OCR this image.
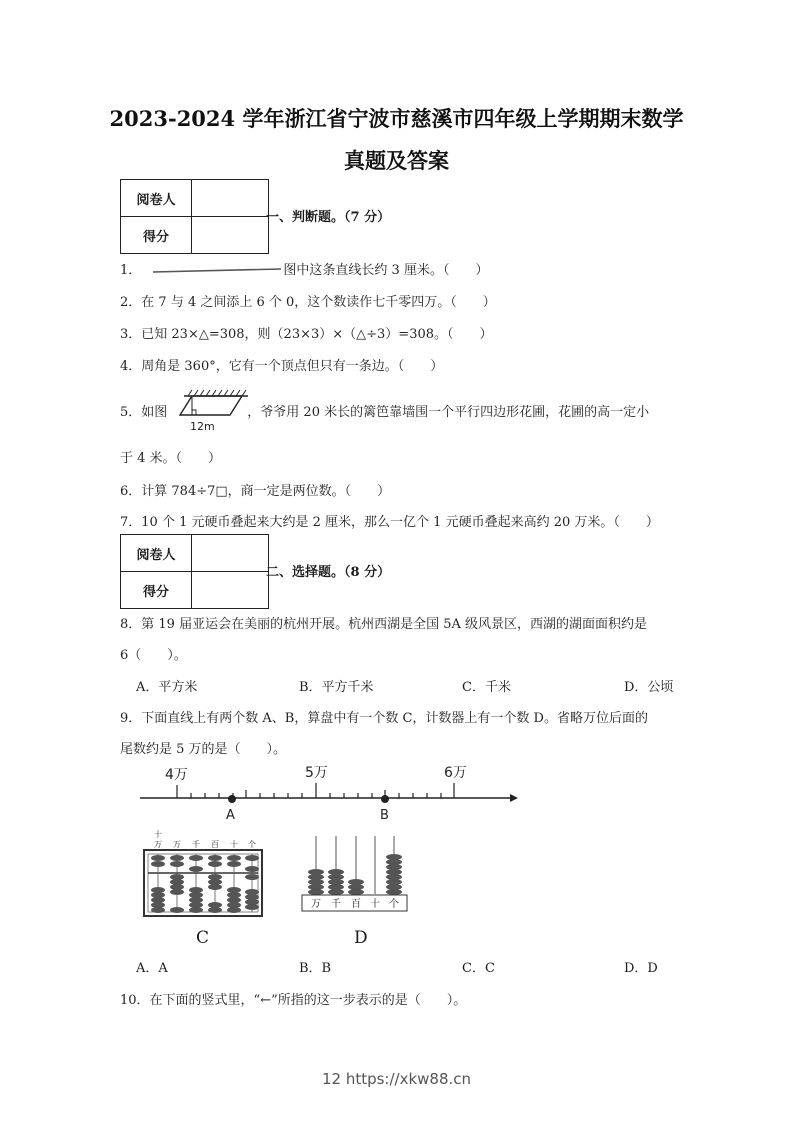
2023-2024 学年浙江省宁波市慈溪市四年级上学期期末数学
真题及答案
阅卷人	
得分	
一、判断题。（7 分）
1．	图中这条直线长约 3 厘米。（　　）
2．在 7 与 4 之间添上 6 个 0，这个数读作七千零四万。（　　）
3．已知 23×△=308，则（23×3）×（△÷3）=308。（　　）
4．周角是 360°，它有一个顶点但只有一条边。（　　）
5．如图	，爷爷用 20 米长的篱笆靠墙围一个平行四边形花圃，花圃的高一定小
12m
于 4 米。（　　）
6．计算 784÷7□，商一定是两位数。（　　）
7．10 个 1 元硬币叠起来大约是 2 厘米，那么一亿个 1 元硬币叠起来高约 20 万米。（　　）
阅卷人	
得分	
二、选择题。（8 分）
8．第 19 届亚运会在美丽的杭州开展。杭州西湖是全国 5A 级风景区，西湖的湖面面积约是
6（　　）。
A．平方米	B．平方千米	C．千米	D．公顷
9．下面直线上有两个数 A、B，算盘中有一个数 C，计数器上有一个数 D。省略万位后面的
尾数约是 5 万的是（　　）。
4万	5万	6万
A	B
十
万 万 千 百 十 个
C
万 千 百 十 个
D
A．A	B．B	C．C	D．D
10．在下面的竖式里，“←”所指的这一步表示的是（　　）。
12 https://xkw88.cn
